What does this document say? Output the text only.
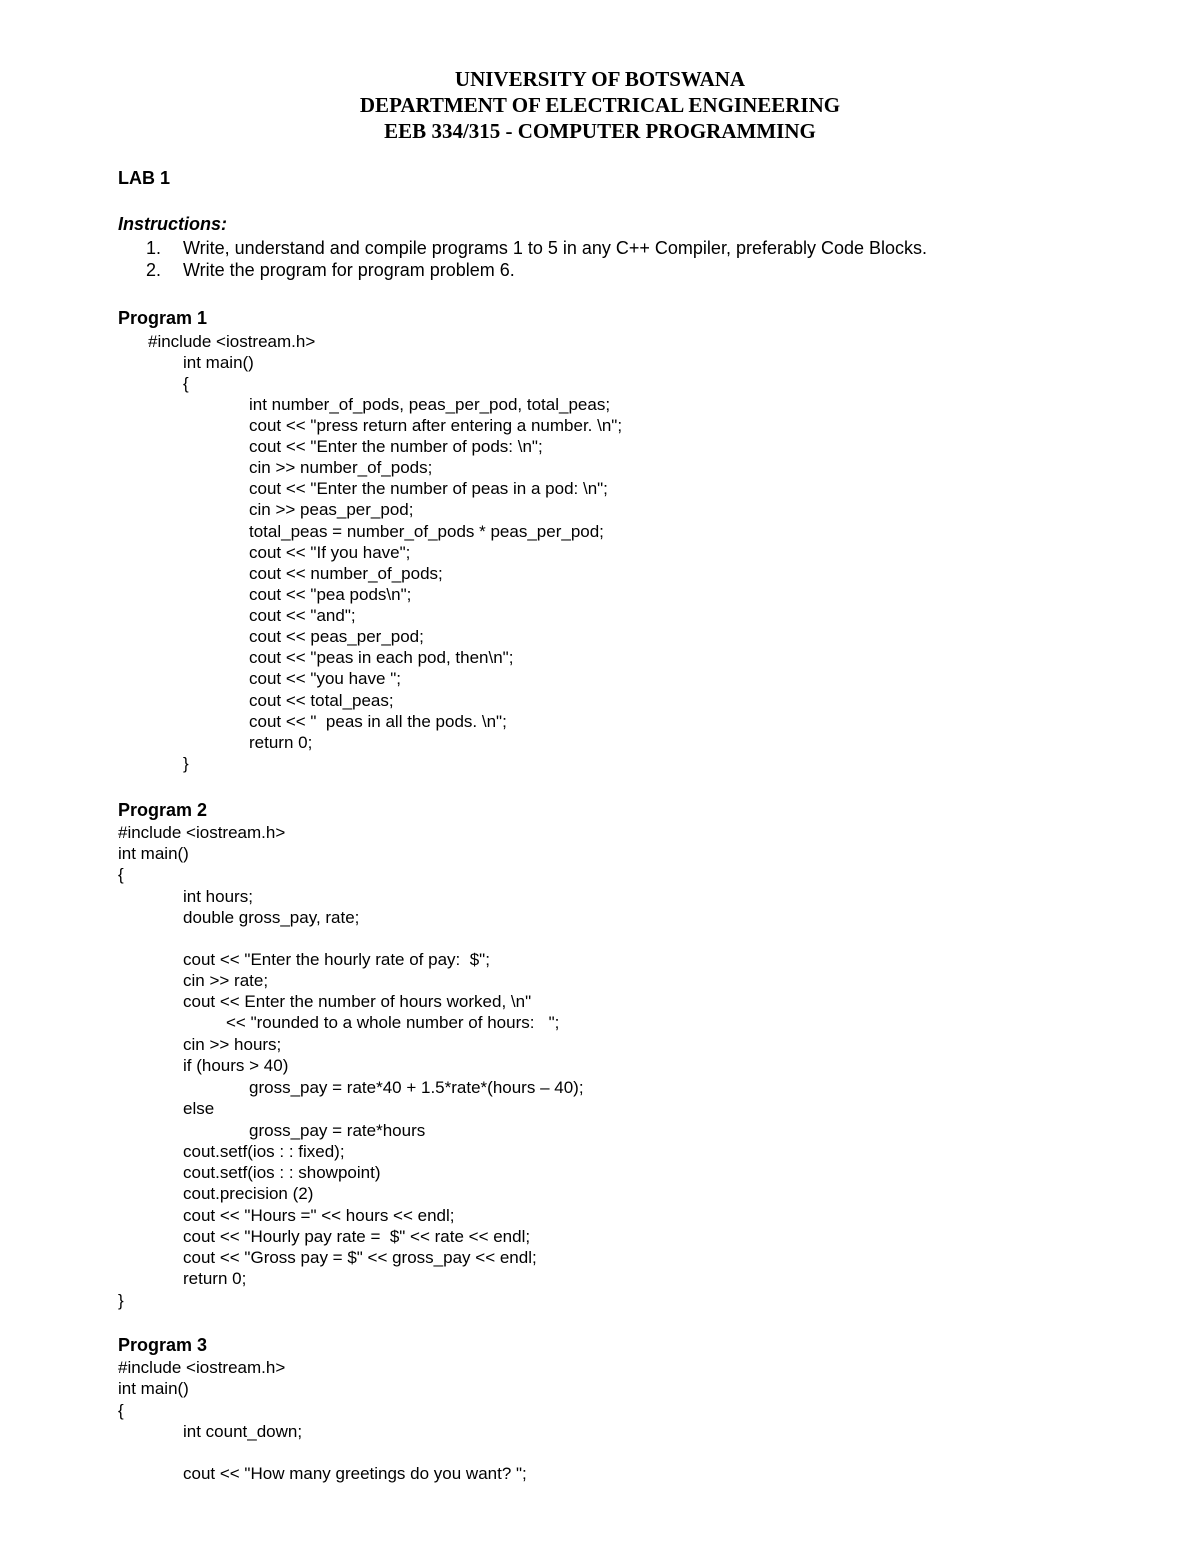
UNIVERSITY OF BOTSWANA
DEPARTMENT OF ELECTRICAL ENGINEERING
EEB 334/315 - COMPUTER PROGRAMMING
LAB 1
Instructions:
1. Write, understand and compile programs 1 to 5 in any C++ Compiler, preferably Code Blocks.
2. Write the program for program problem 6.
Program 1
#include <iostream.h>
int main()
{
int number_of_pods, peas_per_pod, total_peas;
cout << "press return after entering a number. \n";
cout << "Enter the number of pods: \n";
cin >> number_of_pods;
cout << "Enter the number of peas in a pod: \n";
cin >> peas_per_pod;
total_peas = number_of_pods * peas_per_pod;
cout << "If you have";
cout << number_of_pods;
cout << "pea pods\n";
cout << "and";
cout << peas_per_pod;
cout << "peas in each pod, then\n";
cout << "you have ";
cout << total_peas;
cout << "  peas in all the pods. \n";
return 0;
}
Program 2
#include <iostream.h>
int main()
{
int hours;
double gross_pay, rate;
cout << "Enter the hourly rate of pay:  $";
cin >> rate;
cout << Enter the number of hours worked, \n"
<< "rounded to a whole number of hours:   ";
cin >> hours;
if (hours > 40)
gross_pay = rate*40 + 1.5*rate*(hours – 40);
else
gross_pay = rate*hours
cout.setf(ios : : fixed);
cout.setf(ios : : showpoint)
cout.precision (2)
cout << "Hours =" << hours << endl;
cout << "Hourly pay rate =  $" << rate << endl;
cout << "Gross pay = $" << gross_pay << endl;
return 0;
}
Program 3
#include <iostream.h>
int main()
{
int count_down;
cout << "How many greetings do you want? ";
